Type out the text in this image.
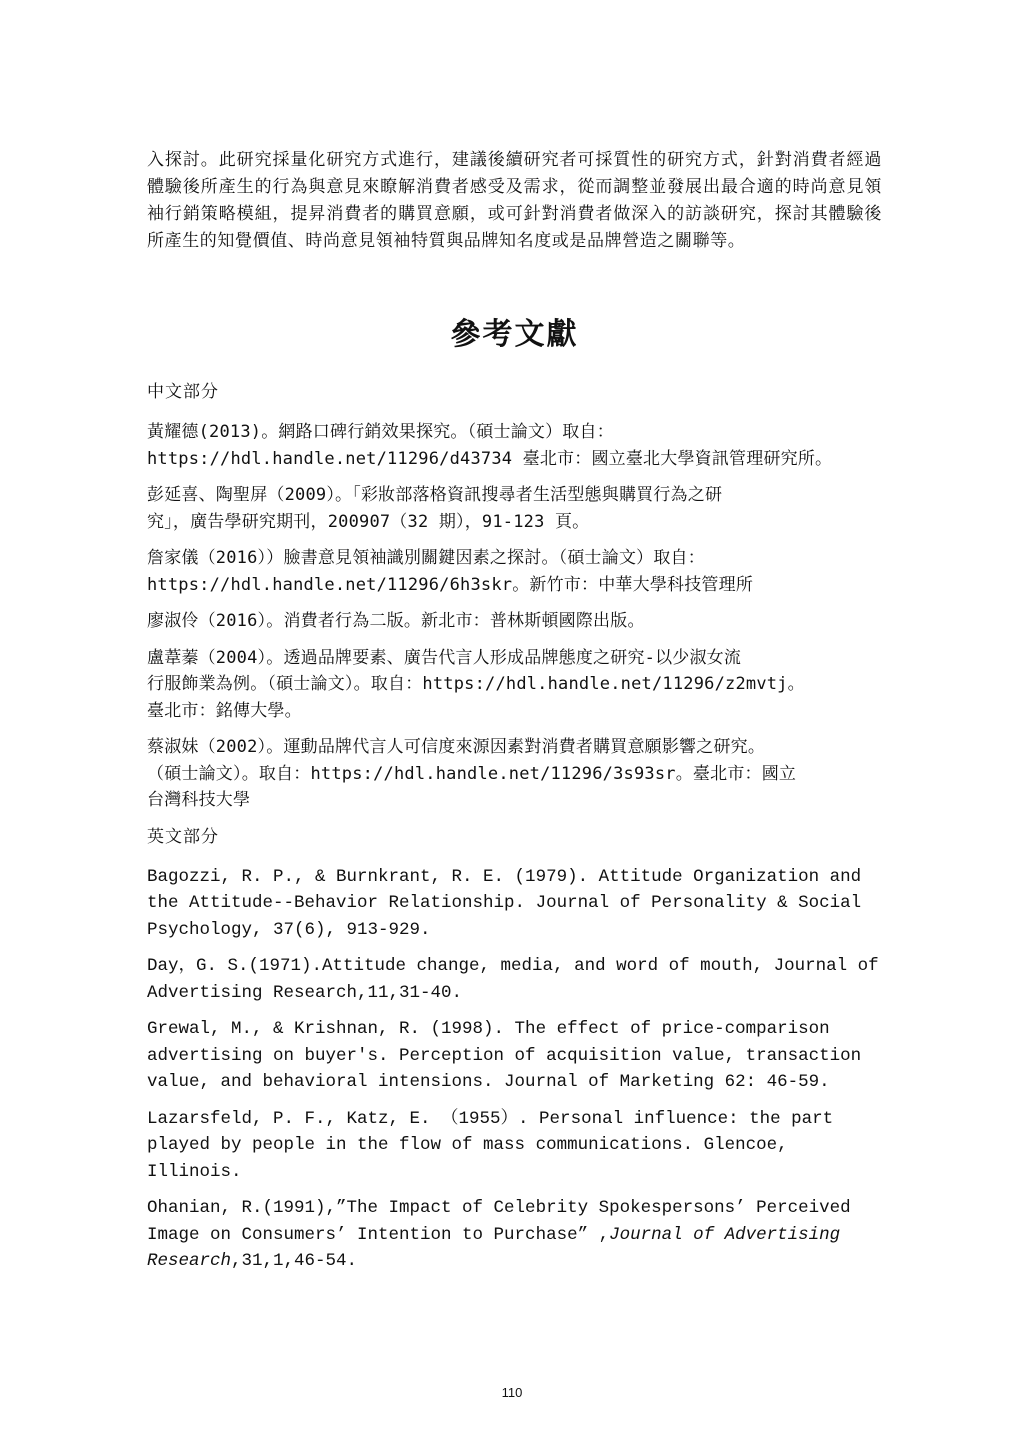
入探討。此研究採量化研究方式進行，建議後續研究者可採質性的研究方式，針對消費者經過體驗後所產生的行為與意見來瞭解消費者感受及需求，從而調整並發展出最合適的時尚意見領袖行銷策略模組，提昇消費者的購買意願，或可針對消費者做深入的訪談研究，探討其體驗後所產生的知覺價值、時尚意見領袖特質與品牌知名度或是品牌營造之關聯等。

參考文獻
中文部分
黃耀德(2013)。網路口碑行銷效果探究。（碩士論文）取自：
https://hdl.handle.net/11296/d43734 臺北市：國立臺北大學資訊管理研究所。
彭延喜、陶聖屏（2009）。「彩妝部落格資訊搜尋者生活型態與購買行為之研
究」，廣告學研究期刊，200907（32 期），91-123 頁。
詹家儀（2016））臉書意見領袖識別關鍵因素之探討。（碩士論文）取自：
https://hdl.handle.net/11296/6h3skr。新竹市：中華大學科技管理所
廖淑伶（2016）。消費者行為二版。新北市：普林斯頓國際出版。
盧葦蓁（2004）。透過品牌要素、廣告代言人形成品牌態度之研究-以少淑女流
行服飾業為例。（碩士論文）。取自：https://hdl.handle.net/11296/z2mvtj。
臺北市：銘傳大學。
蔡淑妹（2002）。運動品牌代言人可信度來源因素對消費者購買意願影響之研究。
（碩士論文）。取自：https://hdl.handle.net/11296/3s93sr。臺北市：國立
台灣科技大學
英文部分
Bagozzi, R. P., & Burnkrant, R. E. (1979). Attitude Organization and
the Attitude--Behavior Relationship. Journal of Personality & Social
Psychology, 37(6), 913-929.
Day，G. S.(1971).Attitude change, media, and word of mouth, Journal of
Advertising Research,11,31-40.
Grewal, M., & Krishnan, R. (1998). The effect of price-comparison
advertising on buyer's. Perception of acquisition value, transaction
value, and behavioral intensions. Journal of Marketing 62: 46-59.
Lazarsfeld, P. F., Katz, E. （1955）. Personal influence: the part
played by people in the flow of mass communications. Glencoe, Illinois.
Ohanian, R.(1991),”The Impact of Celebrity Spokespersons’ Perceived
Image on Consumers’ Intention to Purchase” ,Journal of Advertising
Research,31,1,46-54.
110
